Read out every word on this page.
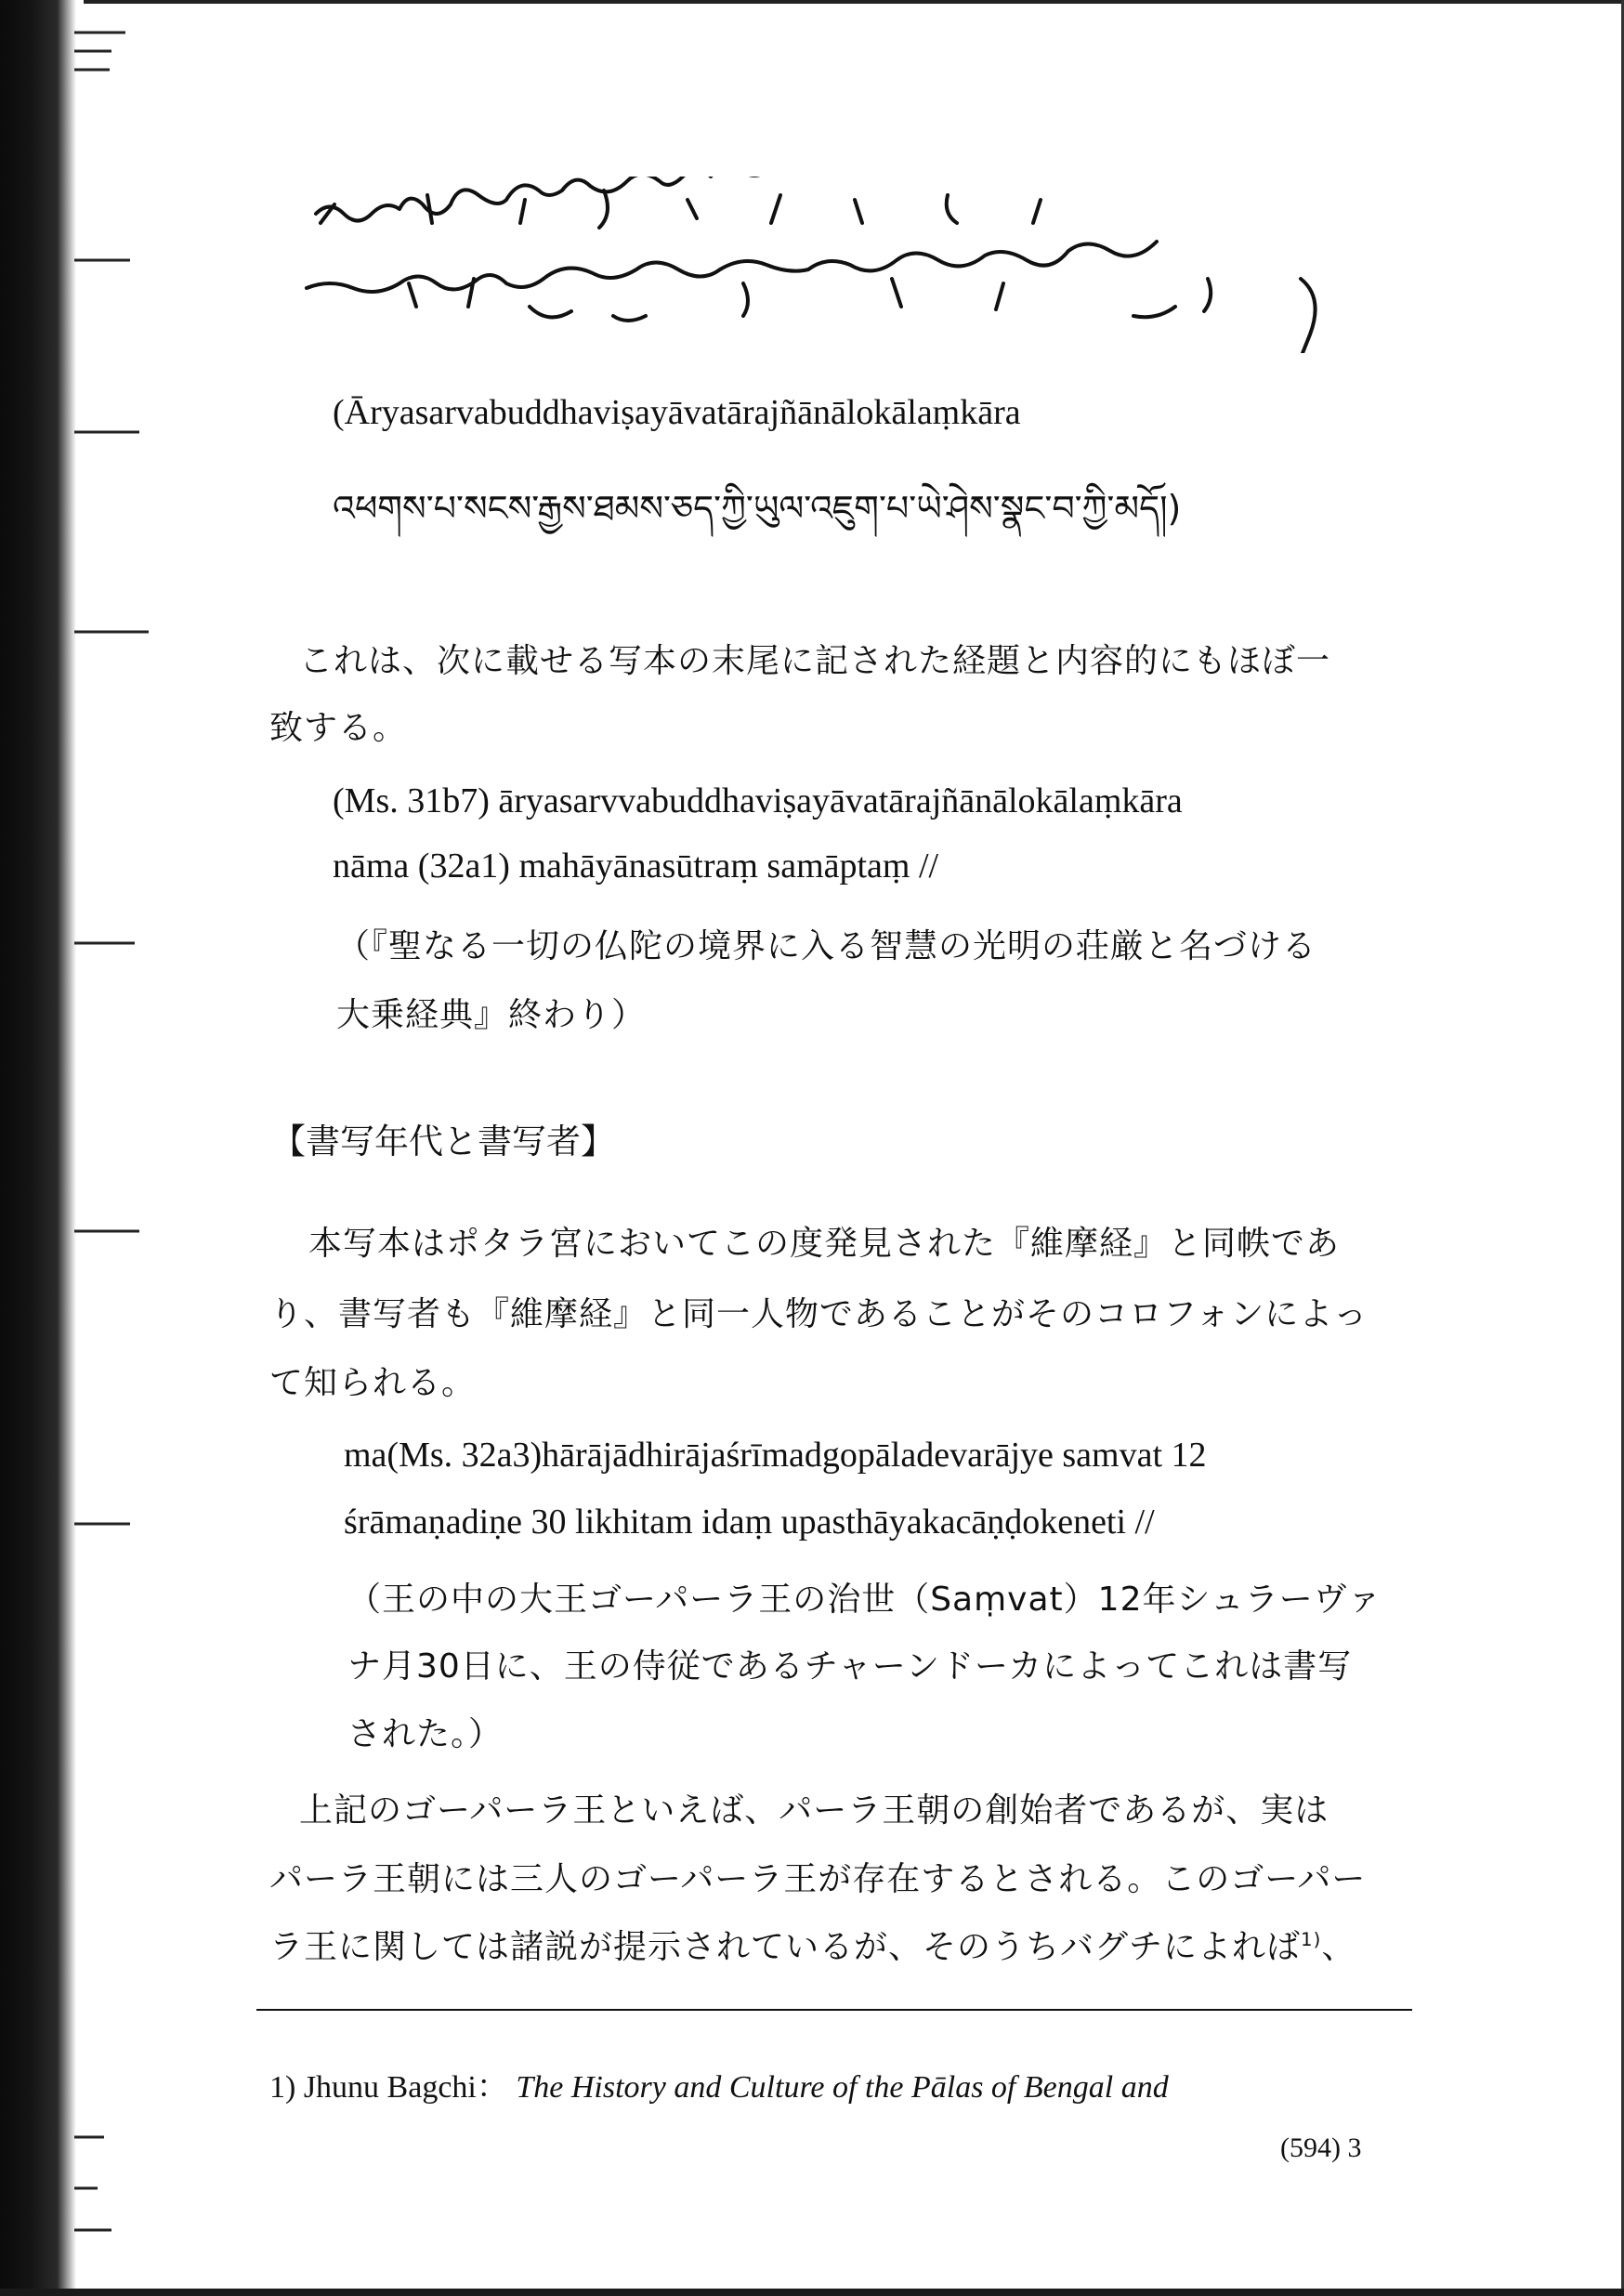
(Āryasarvabuddhaviṣayāvatārajñānālokālaṃkāra
འཕགས་པ་སངས་རྒྱས་ཐམས་ཅད་ཀྱི་ཡུལ་འཇུག་པ་ཡེ་ཤེས་སྣང་བ་ཀྱི་མདོ།)
これは、次に載せる写本の末尾に記された経題と内容的にもほぼ一
致する。
(Ms. 31b7) āryasarvvabuddhaviṣayāvatārajñānālokālaṃkāra
nāma (32a1) mahāyānasūtraṃ samāptaṃ //
（『聖なる一切の仏陀の境界に入る智慧の光明の荘厳と名づける
大乗経典』終わり）
【書写年代と書写者】
本写本はポタラ宮においてこの度発見された『維摩経』と同帙であ
り、書写者も『維摩経』と同一人物であることがそのコロフォンによっ
て知られる。
ma(Ms. 32a3)hārājādhirājaśrīmadgopāladevarājye samvat 12
śrāmaṇadiṇe 30 likhitam idaṃ upasthāyakacāṇḍokeneti //
（王の中の大王ゴーパーラ王の治世（Saṃvat）12年シュラーヴァ
ナ月30日に、王の侍従であるチャーンドーカによってこれは書写
された。）
上記のゴーパーラ王といえば、パーラ王朝の創始者であるが、実は
パーラ王朝には三人のゴーパーラ王が存在するとされる。このゴーパー
ラ王に関しては諸説が提示されているが、そのうちバグチによれば$^{1)}$、
1) Jhunu Bagchi： The History and Culture of the Pālas of Bengal and
(594) 3
